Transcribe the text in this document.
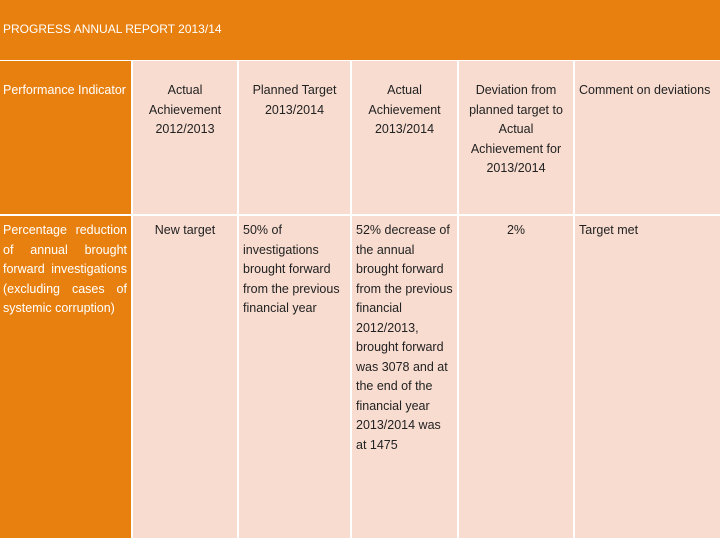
PROGRESS ANNUAL REPORT 2013/14
Performance Indicator	Actual Achievement 2012/2013	Planned Target 2013/2014	Actual Achievement 2013/2014	Deviation from planned target to Actual Achievement for 2013/2014	Comment on deviations
Percentage reduction of annual brought forward investigations (excluding cases of systemic corruption)	New target	50% of investigations brought forward from the previous financial year	52% decrease of the annual brought forward from the previous financial 2012/2013, brought forward was 3078 and at the end of the financial year 2013/2014 was at 1475	2%	Target met
